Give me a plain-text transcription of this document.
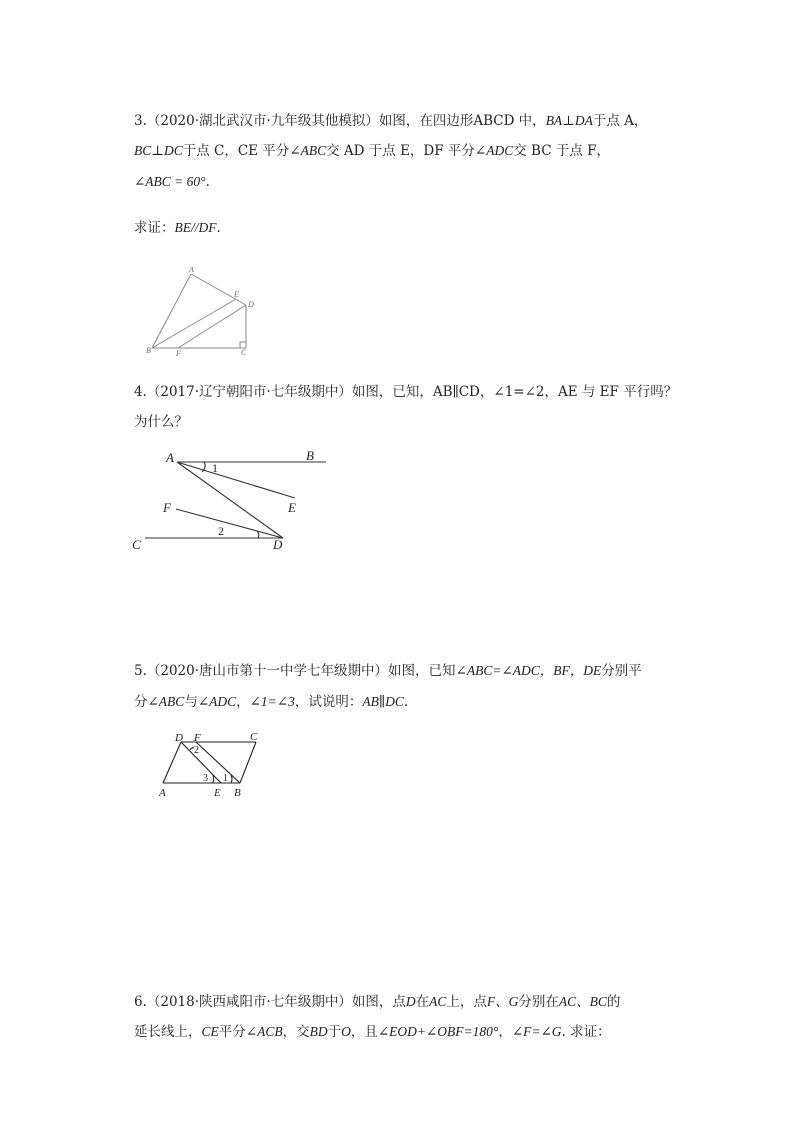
3.（2020·湖北武汉市·九年级其他模拟）如图，在四边形ABCD 中，BA⊥DA于点 A，
BC⊥DC于点 C，CE 平分∠ABC交 AD 于点 E，DF 平分∠ADC交 BC 于点 F，
∠ABC = 60°.
求证：BE//DF.
A
B	C
D
E
F
4.（2017·辽宁朝阳市·七年级期中）如图，已知，AB∥CD，∠1=∠2，AE 与 EF 平行吗？
为什么？
A	B
C	D
E
F
1
2
5.（2020·唐山市第十一中学七年级期中）如图，已知∠ABC=∠ADC，BF，DE分别平
分∠ABC与∠ADC，∠1=∠3，试说明：AB∥DC.
A	B
C
D
E
F
2
3 1
6.（2018·陕西咸阳市·七年级期中）如图，点D在AC上，点F、G分别在AC、BC的
延长线上，CE平分∠ACB，交BD于O，且∠EOD+∠OBF=180°，∠F=∠G. 求证：
